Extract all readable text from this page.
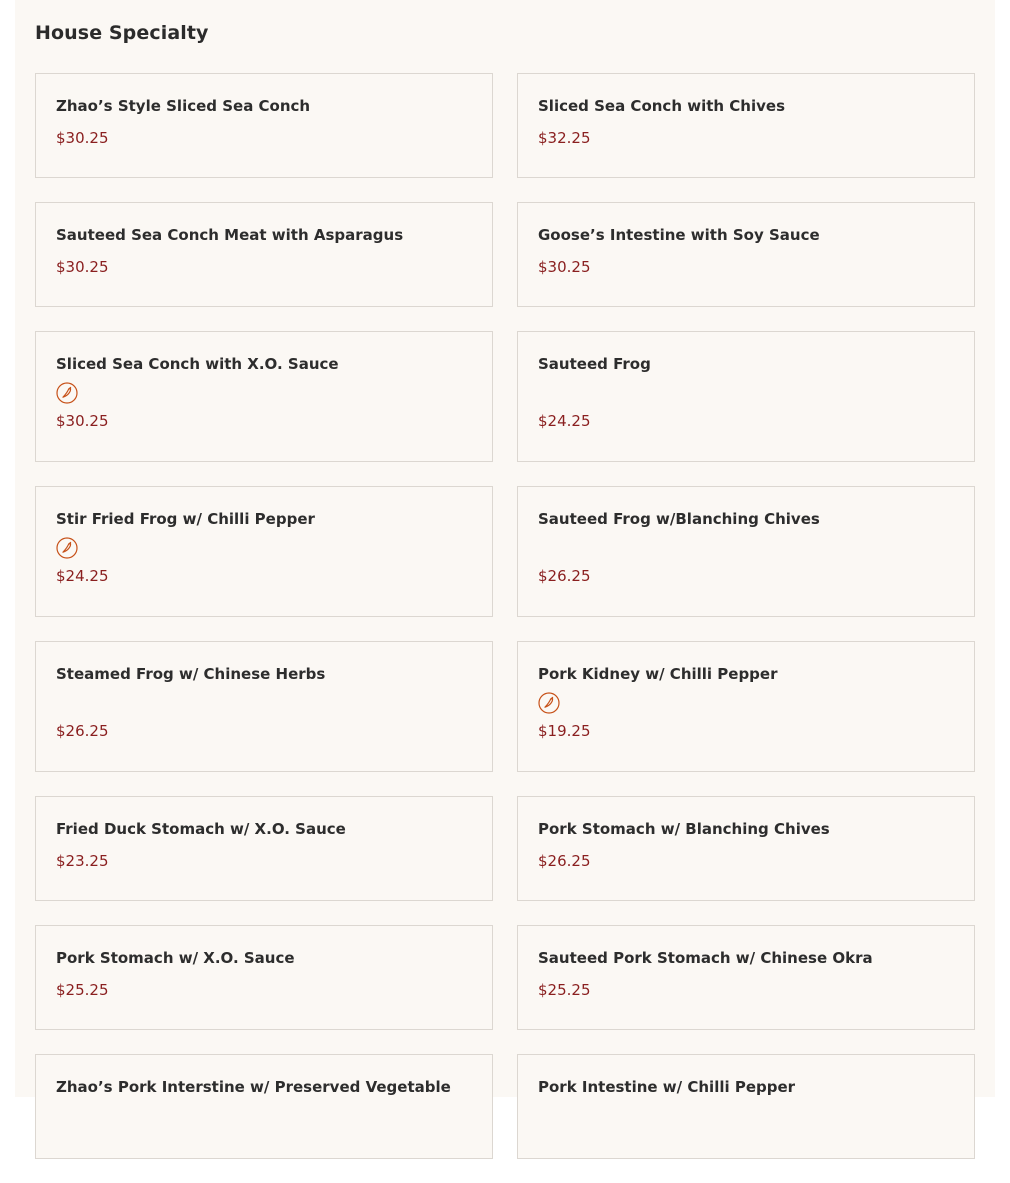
House Specialty
Zhao’s Style Sliced Sea Conch
$30.25
Sliced Sea Conch with Chives
$32.25
Sauteed Sea Conch Meat with Asparagus
$30.25
Goose’s Intestine with Soy Sauce
$30.25
Sliced Sea Conch with X.O. Sauce
$30.25
Sauteed Frog
$24.25
Stir Fried Frog w/ Chilli Pepper
$24.25
Sauteed Frog w/Blanching Chives
$26.25
Steamed Frog w/ Chinese Herbs
$26.25
Pork Kidney w/ Chilli Pepper
$19.25
Fried Duck Stomach w/ X.O. Sauce
$23.25
Pork Stomach w/ Blanching Chives
$26.25
Pork Stomach w/ X.O. Sauce
$25.25
Sauteed Pork Stomach w/ Chinese Okra
$25.25
Zhao’s Pork Interstine w/ Preserved Vegetable	Pork Intestine w/ Chilli Pepper
